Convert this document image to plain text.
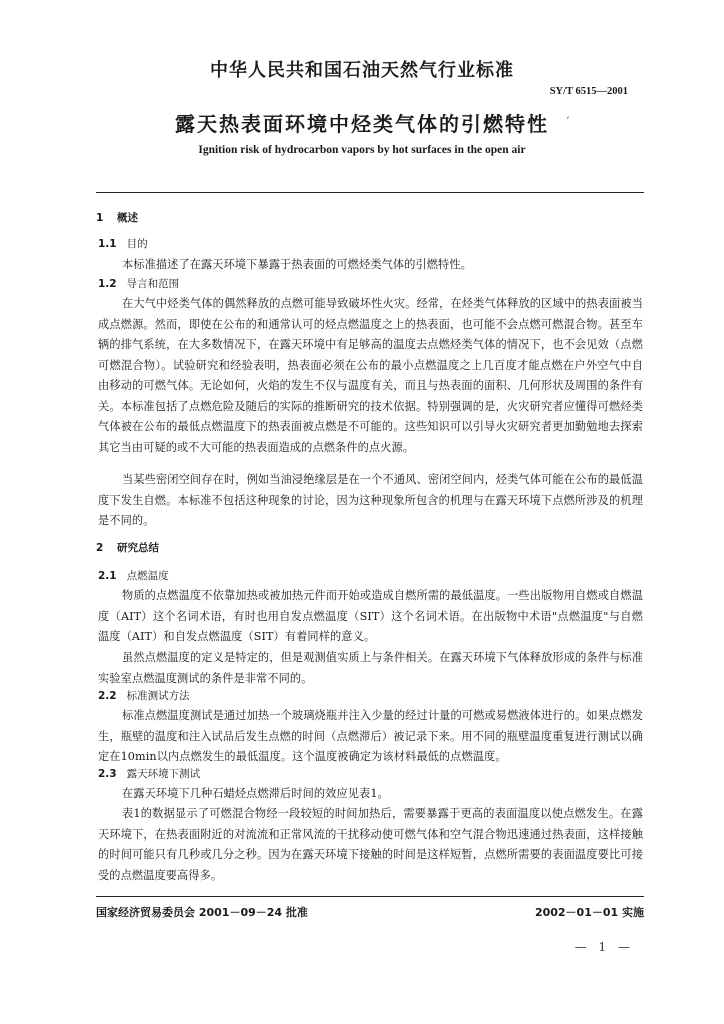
中华人民共和国石油天然气行业标准
SY/T 6515—2001
露天热表面环境中烃类气体的引燃特性	ʼ
Ignition risk of hydrocarbon vapors by hot surfaces in the open air
1 概述
1.1 目的
本标准描述了在露天环境下暴露于热表面的可燃烃类气体的引燃特性。
1.2 导言和范围
在大气中烃类气体的偶然释放的点燃可能导致破坏性火灾。经常，在烃类气体释放的区域中的热表面被当成点燃源。然而，即使在公布的和通常认可的烃点燃温度之上的热表面，也可能不会点燃可燃混合物。甚至车辆的排气系统，在大多数情况下，在露天环境中有足够高的温度去点燃烃类气体的情况下，也不会见效（点燃可燃混合物）。试验研究和经验表明，热表面必须在公布的最小点燃温度之上几百度才能点燃在户外空气中自由移动的可燃气体。无论如何，火焰的发生不仅与温度有关，而且与热表面的面积、几何形状及周围的条件有关。本标准包括了点燃危险及随后的实际的推断研究的技术依据。特别强调的是，火灾研究者应懂得可燃烃类气体被在公布的最低点燃温度下的热表面被点燃是不可能的。这些知识可以引导火灾研究者更加勤勉地去探索其它当由可疑的或不大可能的热表面造成的点燃条件的点火源。
当某些密闭空间存在时，例如当油浸绝缘层是在一个不通风、密闭空间内，烃类气体可能在公布的最低温度下发生自燃。本标准不包括这种现象的讨论，因为这种现象所包含的机理与在露天环境下点燃所涉及的机理是不同的。
2 研究总结
2.1 点燃温度
物质的点燃温度不依靠加热或被加热元件而开始或造成自燃所需的最低温度。一些出版物用自燃或自燃温度（AIT）这个名词术语，有时也用自发点燃温度（SIT）这个名词术语。在出版物中术语"点燃温度"与自燃温度（AIT）和自发点燃温度（SIT）有着同样的意义。
虽然点燃温度的定义是特定的，但是观测值实质上与条件相关。在露天环境下气体释放形成的条件与标准实验室点燃温度测试的条件是非常不同的。
2.2 标准测试方法
标准点燃温度测试是通过加热一个玻璃烧瓶并注入少量的经过计量的可燃或易燃液体进行的。如果点燃发生，瓶壁的温度和注入试品后发生点燃的时间（点燃滞后）被记录下来。用不同的瓶壁温度重复进行测试以确定在10min以内点燃发生的最低温度。这个温度被确定为该材料最低的点燃温度。
2.3 露天环境下测试
在露天环境下几种石蜡烃点燃滞后时间的效应见表1。
表1的数据显示了可燃混合物经一段较短的时间加热后，需要暴露于更高的表面温度以使点燃发生。在露天环境下，在热表面附近的对流流和正常风流的干扰移动使可燃气体和空气混合物迅速通过热表面，这样接触的时间可能只有几秒或几分之秒。因为在露天环境下接触的时间是这样短暂，点燃所需要的表面温度要比可接受的点燃温度要高得多。
国家经济贸易委员会 2001－09－24 批准	2002－01－01 实施
— 1 —
